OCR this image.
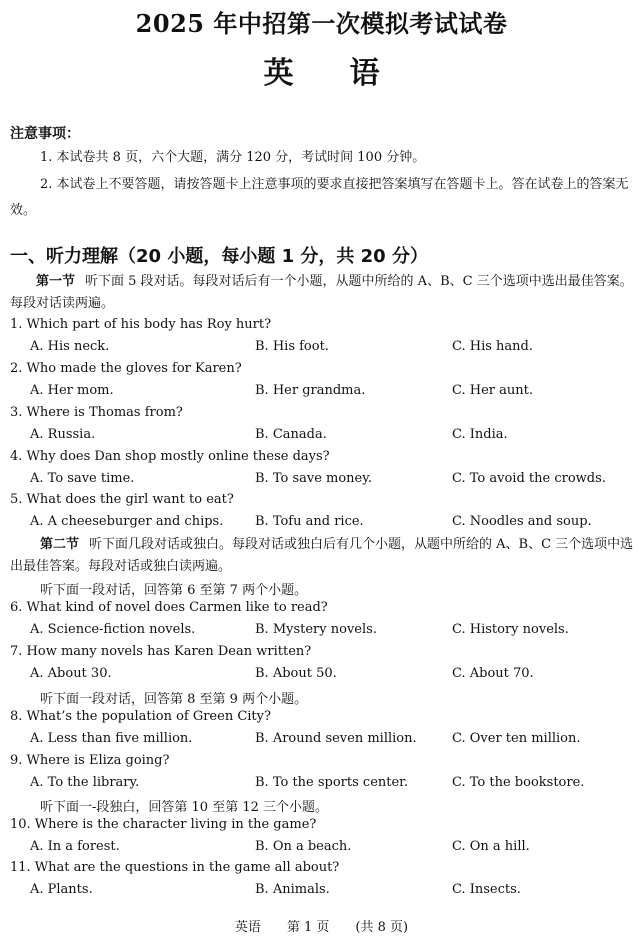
2025 年中招第一次模拟考试试卷
英 语
注意事项：
1. 本试卷共 8 页，六个大题，满分 120 分，考试时间 100 分钟。
2. 本试卷上不要答题，请按答题卡上注意事项的要求直接把答案填写在答题卡上。答在试卷上的答案无效。
一、听力理解（20 小题，每小题 1 分，共 20 分）
第一节 听下面 5 段对话。每段对话后有一个小题，从题中所给的 A、B、C 三个选项中选出最佳答案。每段对话读两遍。
1. Which part of his body has Roy hurt?
A. His neck.	B. His foot.	C. His hand.
2. Who made the gloves for Karen?
A. Her mom.	B. Her grandma.	C. Her aunt.
3. Where is Thomas from?
A. Russia.	B. Canada.	C. India.
4. Why does Dan shop mostly online these days?
A. To save time.	B. To save money.	C. To avoid the crowds.
5. What does the girl want to eat?
A. A cheeseburger and chips. B. Tofu and rice.	C. Noodles and soup.
第二节 听下面几段对话或独白。每段对话或独白后有几个小题，从题中所给的 A、B、C 三个选项中选出最佳答案。每段对话或独白读两遍。
听下面一段对话，回答第 6 至第 7 两个小题。
6. What kind of novel does Carmen like to read?
A. Science-fiction novels.	B. Mystery novels.	C. History novels.
7. How many novels has Karen Dean written?
A. About 30.	B. About 50.	C. About 70.
听下面一段对话，回答第 8 至第 9 两个小题。
8. What’s the population of Green City?
A. Less than five million.	B. Around seven million.	C. Over ten million.
9. Where is Eliza going?
A. To the library.	B. To the sports center.	C. To the bookstore.
听下面一-段独白，回答第 10 至第 12 三个小题。
10. Where is the character living in the game?
A. In a forest.	B. On a beach.	C. On a hill.
11. What are the questions in the game all about?
A. Plants.	B. Animals.	C. Insects.
英语　　第 1 页　　(共 8 页)
